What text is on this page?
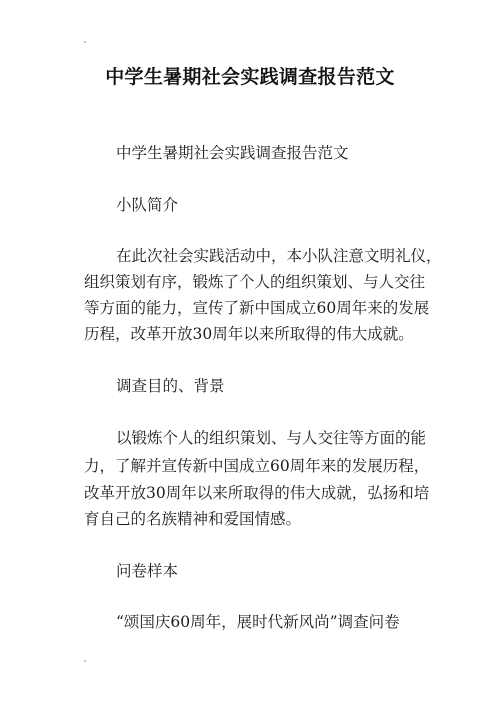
中学生暑期社会实践调查报告范文
中学生暑期社会实践调查报告范文
小队简介
在此次社会实践活动中，本小队注意文明礼仪，
组织策划有序，锻炼了个人的组织策划、与人交往
等方面的能力，宣传了新中国成立60周年来的发展
历程，改革开放30周年以来所取得的伟大成就。
调查目的、背景
以锻炼个人的组织策划、与人交往等方面的能
力，了解并宣传新中国成立60周年来的发展历程，
改革开放30周年以来所取得的伟大成就，弘扬和培
育自己的名族精神和爱国情感。
问卷样本
“颂国庆60周年，展时代新风尚”调查问卷
